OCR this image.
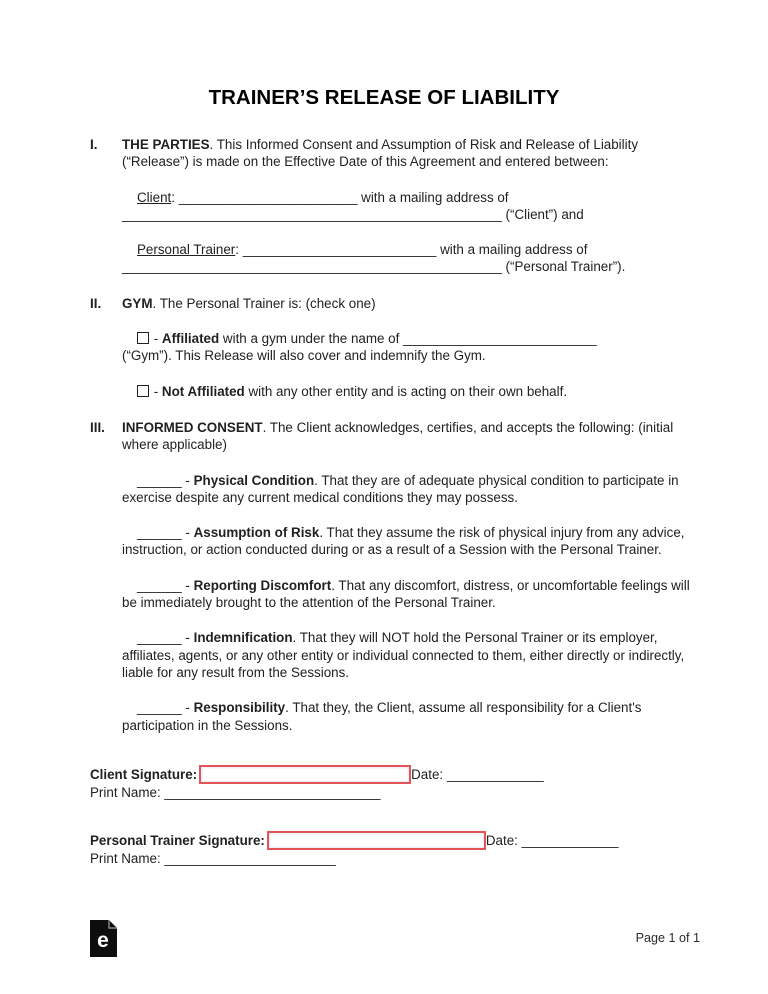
TRAINER’S RELEASE OF LIABILITY
I.	THE PARTIES. This Informed Consent and Assumption of Risk and Release of Liability (“Release”) is made on the Effective Date of this Agreement and entered between:

Client: ________________________ with a mailing address of
___________________________________________________ (“Client”) and

Personal Trainer: __________________________ with a mailing address of
___________________________________________________ (“Personal Trainer”).

II.	GYM. The Personal Trainer is: (check one)

- Affiliated with a gym under the name of __________________________
(“Gym”). This Release will also cover and indemnify the Gym.

- Not Affiliated with any other entity and is acting on their own behalf.

III.	INFORMED CONSENT. The Client acknowledges, certifies, and accepts the following: (initial where applicable)

______ - Physical Condition. That they are of adequate physical condition to participate in exercise despite any current medical conditions they may possess.

______ - Assumption of Risk. That they assume the risk of physical injury from any advice, instruction, or action conducted during or as a result of a Session with the Personal Trainer.

______ - Reporting Discomfort. That any discomfort, distress, or uncomfortable feelings will be immediately brought to the attention of the Personal Trainer.

______ - Indemnification. That they will NOT hold the Personal Trainer or its employer, affiliates, agents, or any other entity or individual connected to them, either directly or indirectly, liable for any result from the Sessions.

______ - Responsibility. That they, the Client, assume all responsibility for a Client's participation in the Sessions.

Client Signature:	Date: _____________

Print Name: _____________________________

Personal Trainer Signature:	Date: _____________

Print Name: _______________________

e	Page 1 of 1
